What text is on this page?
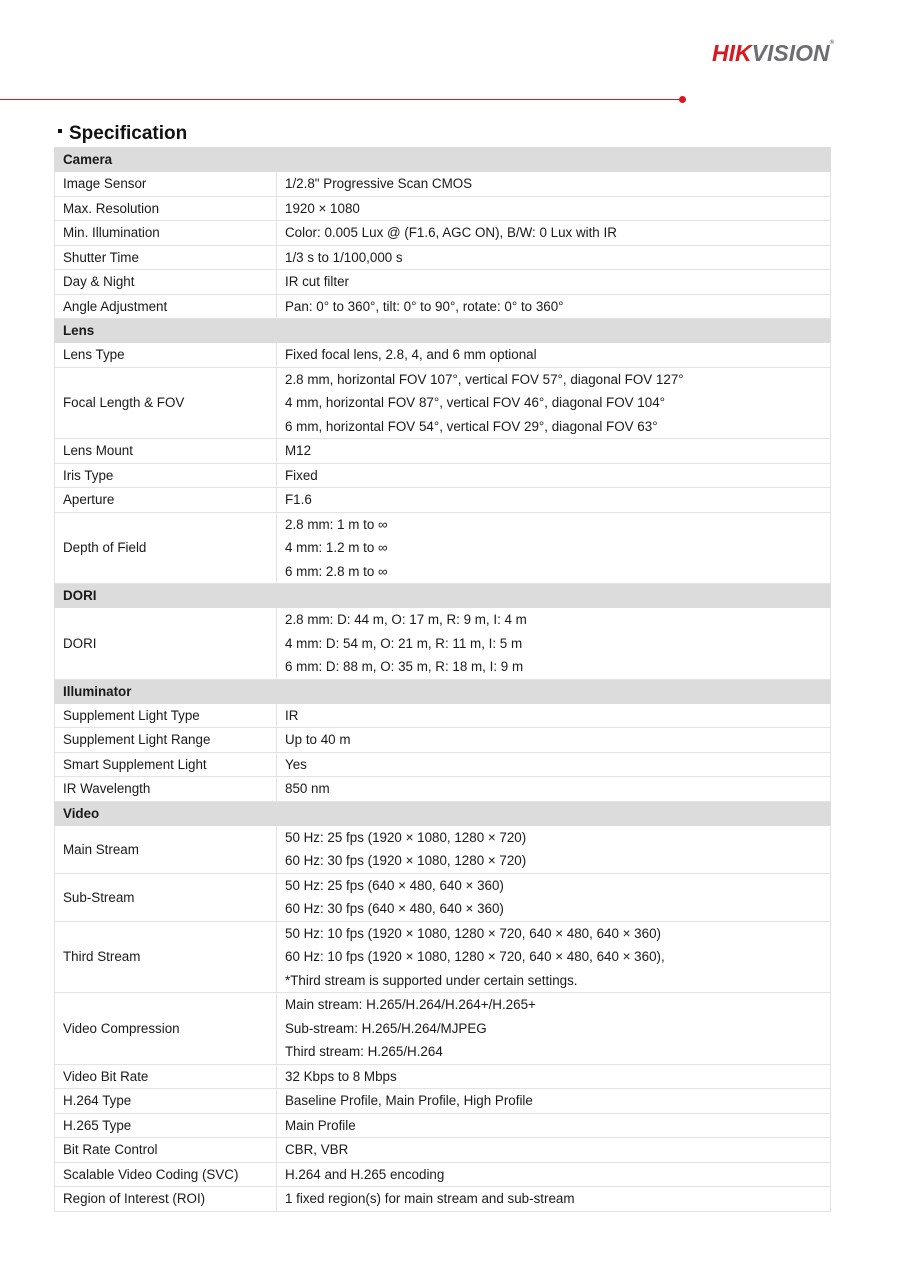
HIKVISION®
Specification
Camera	
Image Sensor	1/2.8" Progressive Scan CMOS

Max. Resolution	1920 × 1080

Min. Illumination	Color: 0.005 Lux @ (F1.6, AGC ON), B/W: 0 Lux with IR

Shutter Time	1/3 s to 1/100,000 s

Day & Night	IR cut filter

Angle Adjustment	Pan: 0° to 360°, tilt: 0° to 90°, rotate: 0° to 360°

Lens	
Lens Type	Fixed focal lens, 2.8, 4, and 6 mm optional

Focal Length & FOV	2.8 mm, horizontal FOV 107°, vertical FOV 57°, diagonal FOV 127°
4 mm, horizontal FOV 87°, vertical FOV 46°, diagonal FOV 104°
6 mm, horizontal FOV 54°, vertical FOV 29°, diagonal FOV 63°

Lens Mount	M12

Iris Type	Fixed

Aperture	F1.6

Depth of Field	2.8 mm: 1 m to ∞
4 mm: 1.2 m to ∞
6 mm: 2.8 m to ∞

DORI	
DORI	2.8 mm: D: 44 m, O: 17 m, R: 9 m, I: 4 m
4 mm: D: 54 m, O: 21 m, R: 11 m, I: 5 m
6 mm: D: 88 m, O: 35 m, R: 18 m, I: 9 m

Illuminator	
Supplement Light Type	IR

Supplement Light Range	Up to 40 m

Smart Supplement Light	Yes

IR Wavelength	850 nm

Video	
Main Stream	50 Hz: 25 fps (1920 × 1080, 1280 × 720)
60 Hz: 30 fps (1920 × 1080, 1280 × 720)

Sub-Stream	50 Hz: 25 fps (640 × 480, 640 × 360)
60 Hz: 30 fps (640 × 480, 640 × 360)

Third Stream	50 Hz: 10 fps (1920 × 1080, 1280 × 720, 640 × 480, 640 × 360)
60 Hz: 10 fps (1920 × 1080, 1280 × 720, 640 × 480, 640 × 360),
*Third stream is supported under certain settings.

Video Compression	Main stream: H.265/H.264/H.264+/H.265+
Sub-stream: H.265/H.264/MJPEG
Third stream: H.265/H.264

Video Bit Rate	32 Kbps to 8 Mbps

H.264 Type	Baseline Profile, Main Profile, High Profile

H.265 Type	Main Profile

Bit Rate Control	CBR, VBR

Scalable Video Coding (SVC)	H.264 and H.265 encoding

Region of Interest (ROI)	1 fixed region(s) for main stream and sub-stream
